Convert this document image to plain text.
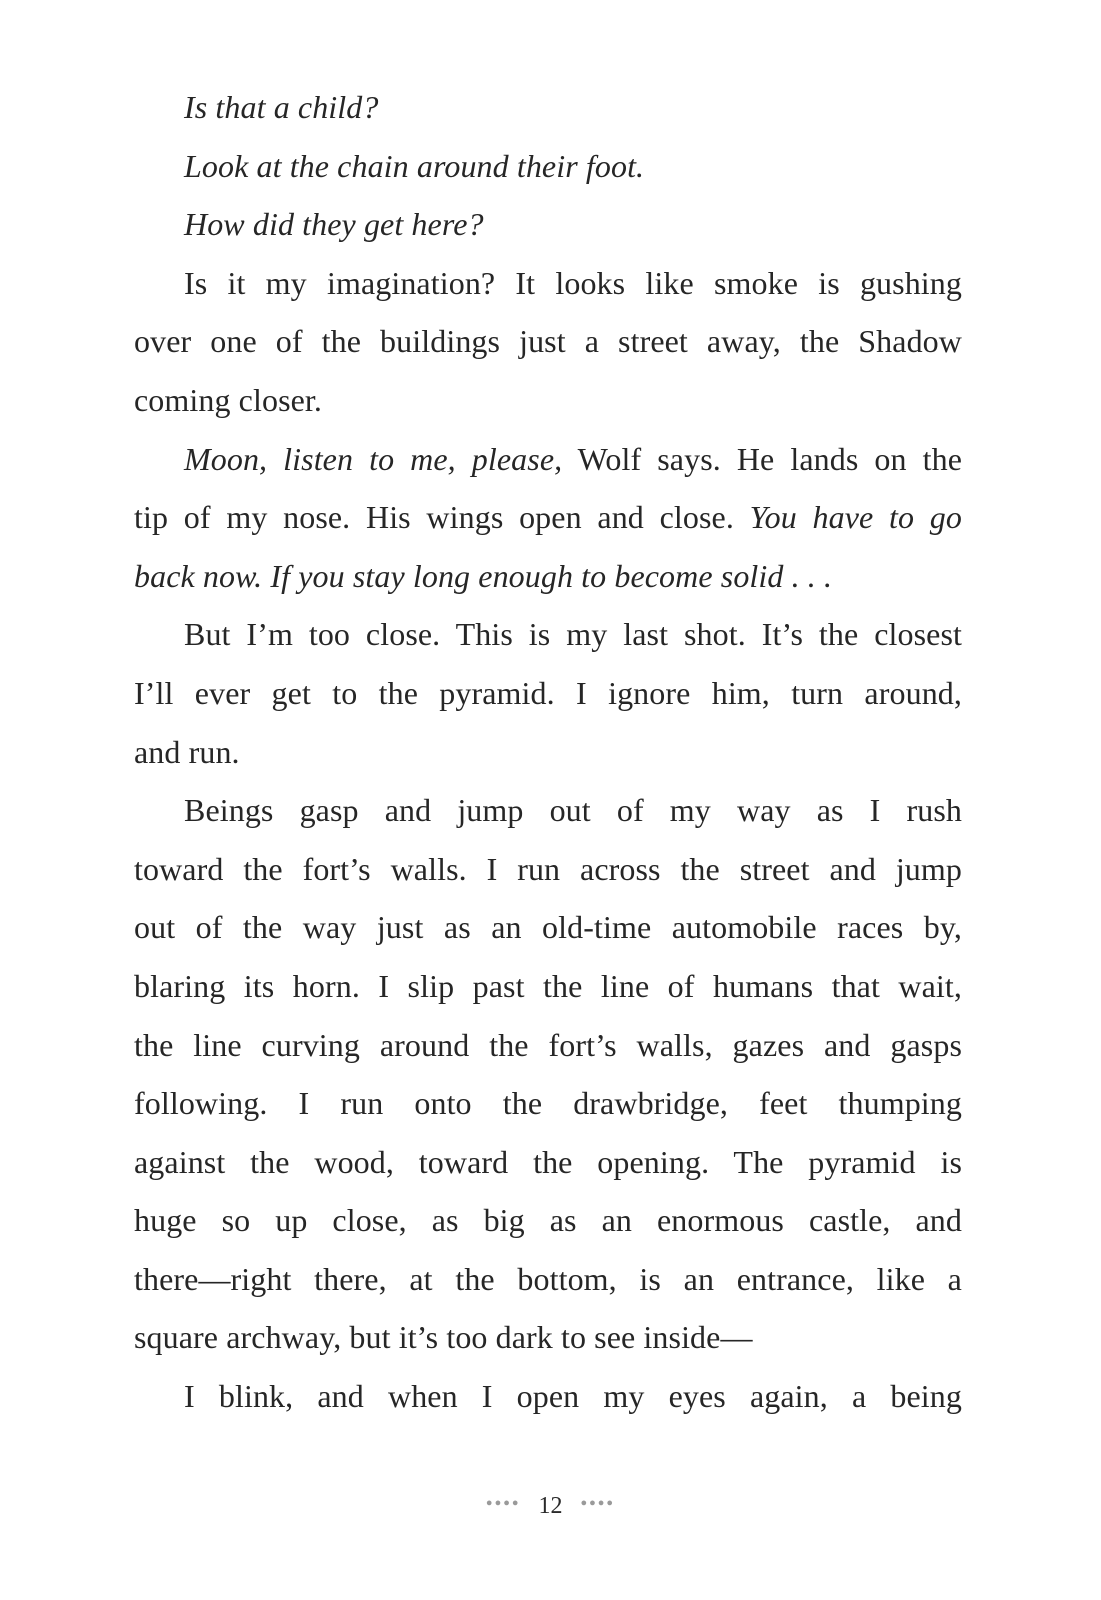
Is that a child?
Look at the chain around their foot.
How did they get here?
Is it my imagination? It looks like smoke is gushing
over one of the buildings just a street away, the Shadow
coming closer.
Moon, listen to me, please, Wolf says. He lands on the
tip of my nose. His wings open and close. You have to go
back now. If you stay long enough to become solid . . .
But I’m too close. This is my last shot. It’s the closest
I’ll ever get to the pyramid. I ignore him, turn around,
and run.
Beings gasp and jump out of my way as I rush
toward the fort’s walls. I run across the street and jump
out of the way just as an old-time automobile races by,
blaring its horn. I slip past the line of humans that wait,
the line curving around the fort’s walls, gazes and gasps
following. I run onto the drawbridge, feet thumping
against the wood, toward the opening. The pyramid is
huge so up close, as big as an enormous castle, and
there—right there, at the bottom, is an entrance, like a
square archway, but it’s too dark to see inside—
I blink, and when I open my eyes again, a being
●●●● 12 ●●●●
